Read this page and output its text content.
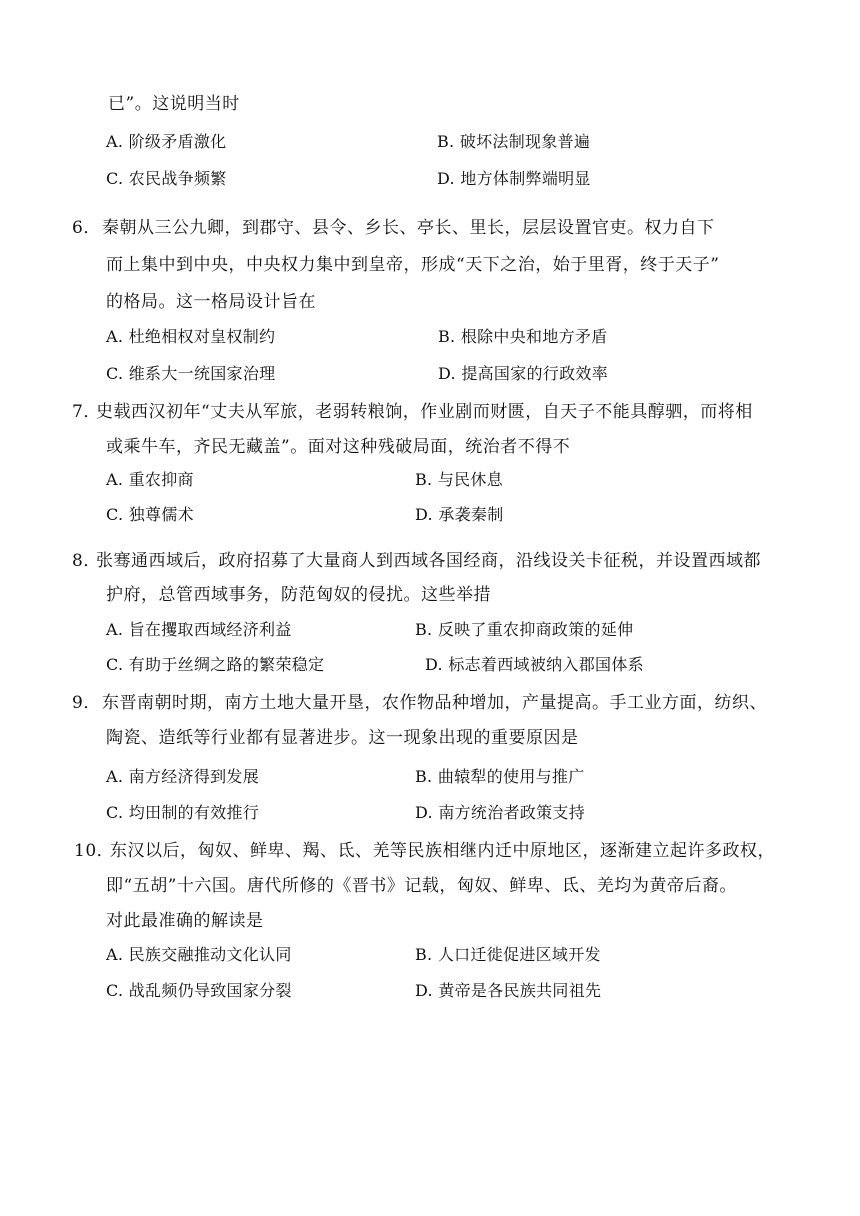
已”。这说明当时
A. 阶级矛盾激化	B. 破坏法制现象普遍
C. 农民战争频繁	D. 地方体制弊端明显
6． 秦朝从三公九卿，到郡守、县令、乡长、亭长、里长，层层设置官吏。权力自下
而上集中到中央，中央权力集中到皇帝，形成“天下之治，始于里胥，终于天子”
的格局。这一格局设计旨在
A. 杜绝相权对皇权制约	B. 根除中央和地方矛盾
C. 维系大一统国家治理	D. 提高国家的行政效率
7．
史载西汉初年“丈夫从军旅，老弱转粮饷，作业剧而财匮，自天子不能具醇驷，而将相
或乘牛车，齐民无藏盖”。面对这种残破局面，统治者不得不
A. 重农抑商	B. 与民休息
C. 独尊儒术	D. 承袭秦制
8．
张骞通西域后，政府招募了大量商人到西域各国经商，沿线设关卡征税，并设置西域都
护府，总管西域事务，防范匈奴的侵扰。这些举措
A. 旨在攫取西域经济利益	B. 反映了重农抑商政策的延伸
C. 有助于丝绸之路的繁荣稳定	D. 标志着西域被纳入郡国体系
9． 东晋南朝时期，南方土地大量开垦，农作物品种增加，产量提高。手工业方面，纺织、
陶瓷、造纸等行业都有显著进步。这一现象出现的重要原因是
A. 南方经济得到发展	B. 曲辕犁的使用与推广
C. 均田制的有效推行	D. 南方统治者政策支持
10．
东汉以后，匈奴、鲜卑、羯、氐、羌等民族相继内迁中原地区，逐渐建立起许多政权，
即“五胡”十六国。唐代所修的《晋书》记载，匈奴、鲜卑、氐、羌均为黄帝后裔。
对此最准确的解读是
A. 民族交融推动文化认同	B. 人口迁徙促进区域开发
C. 战乱频仍导致国家分裂	D. 黄帝是各民族共同祖先
